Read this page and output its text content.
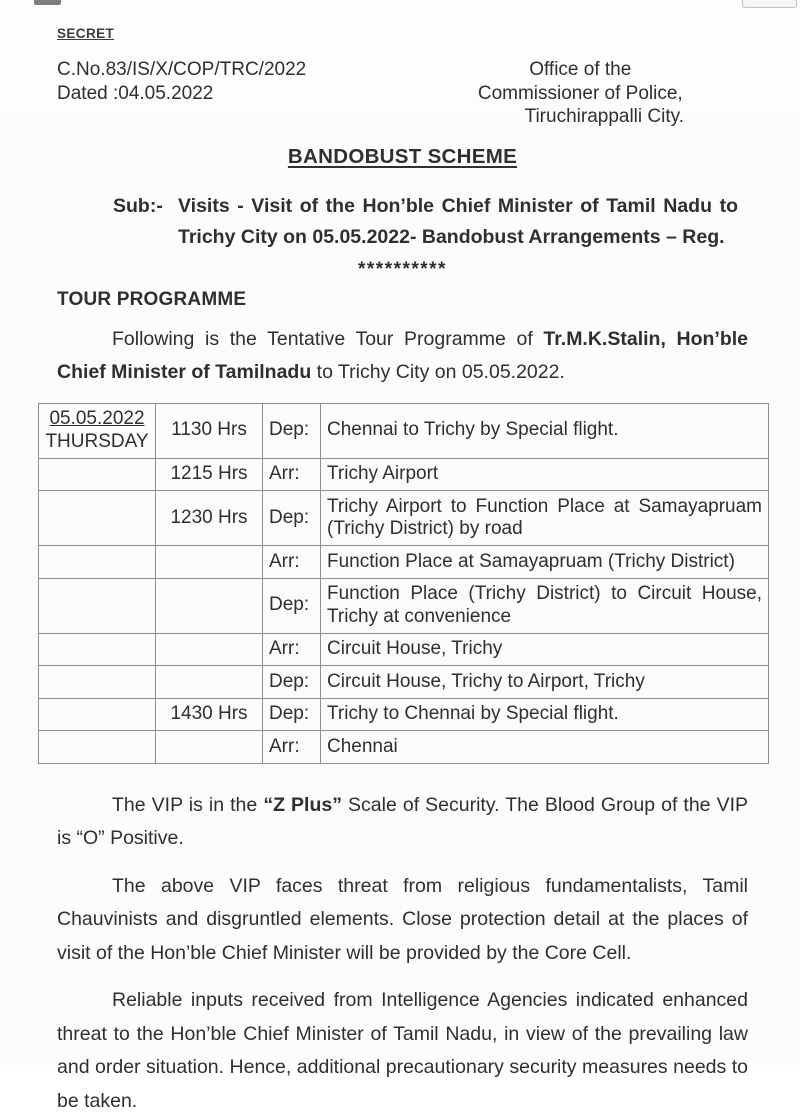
SECRET
C.No.83/IS/X/COP/TRC/2022
Dated :04.05.2022
Office of the
Commissioner of Police,
Tiruchirappalli City.
BANDOBUST SCHEME
Sub:- Visits - Visit of the Hon’ble Chief Minister of Tamil Nadu to Trichy City on 05.05.2022- Bandobust Arrangements – Reg.
**********
TOUR PROGRAMME

Following is the Tentative Tour Programme of Tr.M.K.Stalin, Hon’ble Chief Minister of Tamilnadu to Trichy City on 05.05.2022.

05.05.2022
THURSDAY	1130 Hrs	Dep:	Chennai to Trichy by Special flight.
	1215 Hrs	Arr:	Trichy Airport
	1230 Hrs	Dep:	Trichy Airport to Function Place at Samayapruam (Trichy District) by road
		Arr:	Function Place at Samayapruam (Trichy District)
		Dep:	Function Place (Trichy District) to Circuit House, Trichy at convenience
		Arr:	Circuit House, Trichy
		Dep:	Circuit House, Trichy to Airport, Trichy
	1430 Hrs	Dep:	Trichy to Chennai by Special flight.
		Arr:	Chennai

The VIP is in the “Z Plus” Scale of Security. The Blood Group of the VIP is “O” Positive.

The above VIP faces threat from religious fundamentalists, Tamil Chauvinists and disgruntled elements. Close protection detail at the places of visit of the Hon’ble Chief Minister will be provided by the Core Cell.

Reliable inputs received from Intelligence Agencies indicated enhanced threat to the Hon’ble Chief Minister of Tamil Nadu, in view of the prevailing law and order situation. Hence, additional precautionary security measures needs to be taken.
